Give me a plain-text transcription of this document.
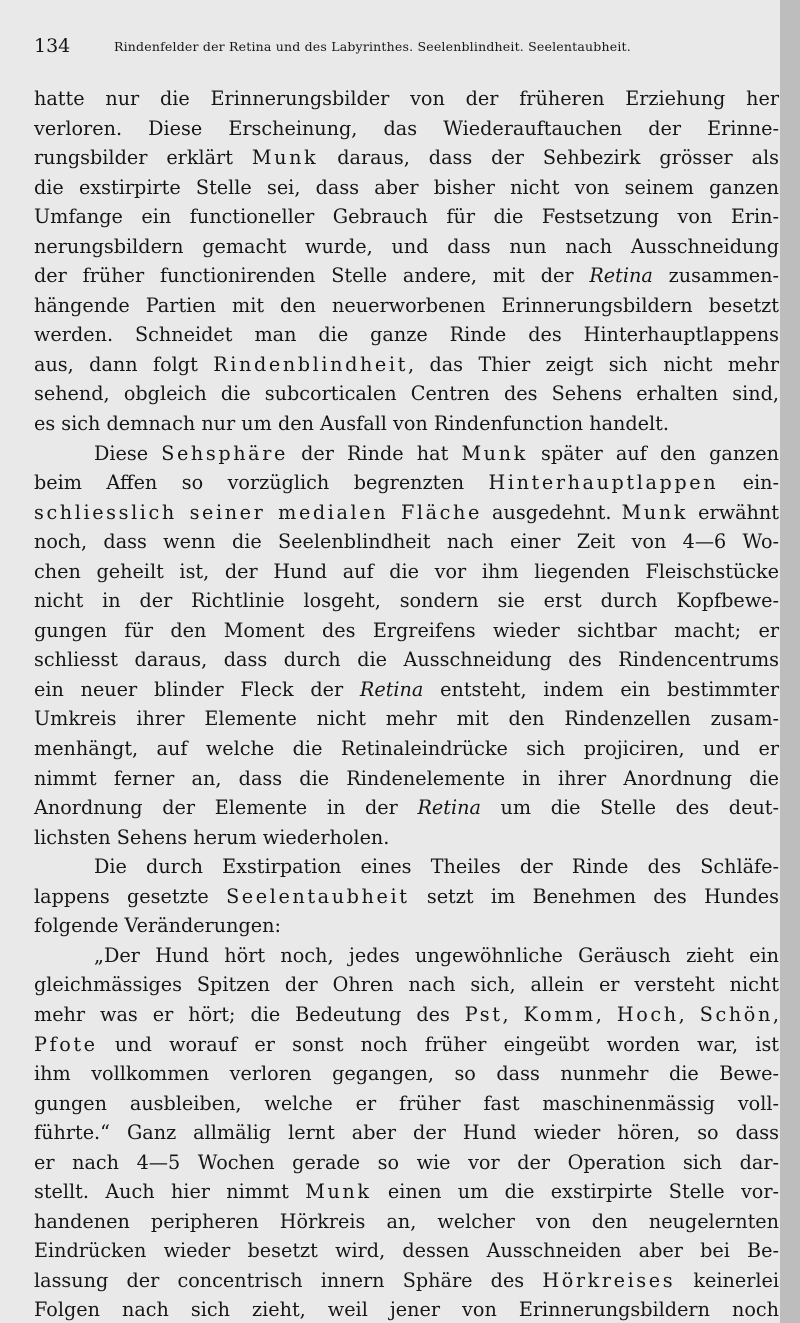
134	Rindenfelder der Retina und des Labyrinthes. Seelenblindheit. Seelentaubheit.
hatte nur die Erinnerungsbilder von der früheren Erziehung her
verloren. Diese Erscheinung, das Wiederauftauchen der Erinne-
rungsbilder erklärt Munk daraus, dass der Sehbezirk grösser als
die exstirpirte Stelle sei, dass aber bisher nicht von seinem ganzen
Umfange ein functioneller Gebrauch für die Festsetzung von Erin-
nerungsbildern gemacht wurde, und dass nun nach Ausschneidung
der früher functionirenden Stelle andere, mit der Retina zusammen-
hängende Partien mit den neuerworbenen Erinnerungsbildern besetzt
werden. Schneidet man die ganze Rinde des Hinterhauptlappens
aus, dann folgt Rindenblindheit, das Thier zeigt sich nicht mehr
sehend, obgleich die subcorticalen Centren des Sehens erhalten sind,
es sich demnach nur um den Ausfall von Rindenfunction handelt.
Diese Sehsphäre der Rinde hat Munk später auf den ganzen
beim Affen so vorzüglich begrenzten Hinterhauptlappen ein-
schliesslich seiner medialen Fläche ausgedehnt. Munk erwähnt
noch, dass wenn die Seelenblindheit nach einer Zeit von 4—6 Wo-
chen geheilt ist, der Hund auf die vor ihm liegenden Fleischstücke
nicht in der Richtlinie losgeht, sondern sie erst durch Kopfbewe-
gungen für den Moment des Ergreifens wieder sichtbar macht; er
schliesst daraus, dass durch die Ausschneidung des Rindencentrums
ein neuer blinder Fleck der Retina entsteht, indem ein bestimmter
Umkreis ihrer Elemente nicht mehr mit den Rindenzellen zusam-
menhängt, auf welche die Retinaleindrücke sich projiciren, und er
nimmt ferner an, dass die Rindenelemente in ihrer Anordnung die
Anordnung der Elemente in der Retina um die Stelle des deut-
lichsten Sehens herum wiederholen.
Die durch Exstirpation eines Theiles der Rinde des Schläfe-
lappens gesetzte Seelentaubheit setzt im Benehmen des Hundes
folgende Veränderungen:
„Der Hund hört noch, jedes ungewöhnliche Geräusch zieht ein
gleichmässiges Spitzen der Ohren nach sich, allein er versteht nicht
mehr was er hört; die Bedeutung des Pst, Komm, Hoch, Schön,
Pfote und worauf er sonst noch früher eingeübt worden war, ist
ihm vollkommen verloren gegangen, so dass nunmehr die Bewe-
gungen ausbleiben, welche er früher fast maschinenmässig voll-
führte.“ Ganz allmälig lernt aber der Hund wieder hören, so dass
er nach 4—5 Wochen gerade so wie vor der Operation sich dar-
stellt. Auch hier nimmt Munk einen um die exstirpirte Stelle vor-
handenen peripheren Hörkreis an, welcher von den neugelernten
Eindrücken wieder besetzt wird, dessen Ausschneiden aber bei Be-
lassung der concentrisch innern Sphäre des Hörkreises keinerlei
Folgen nach sich zieht, weil jener von Erinnerungsbildern noch
